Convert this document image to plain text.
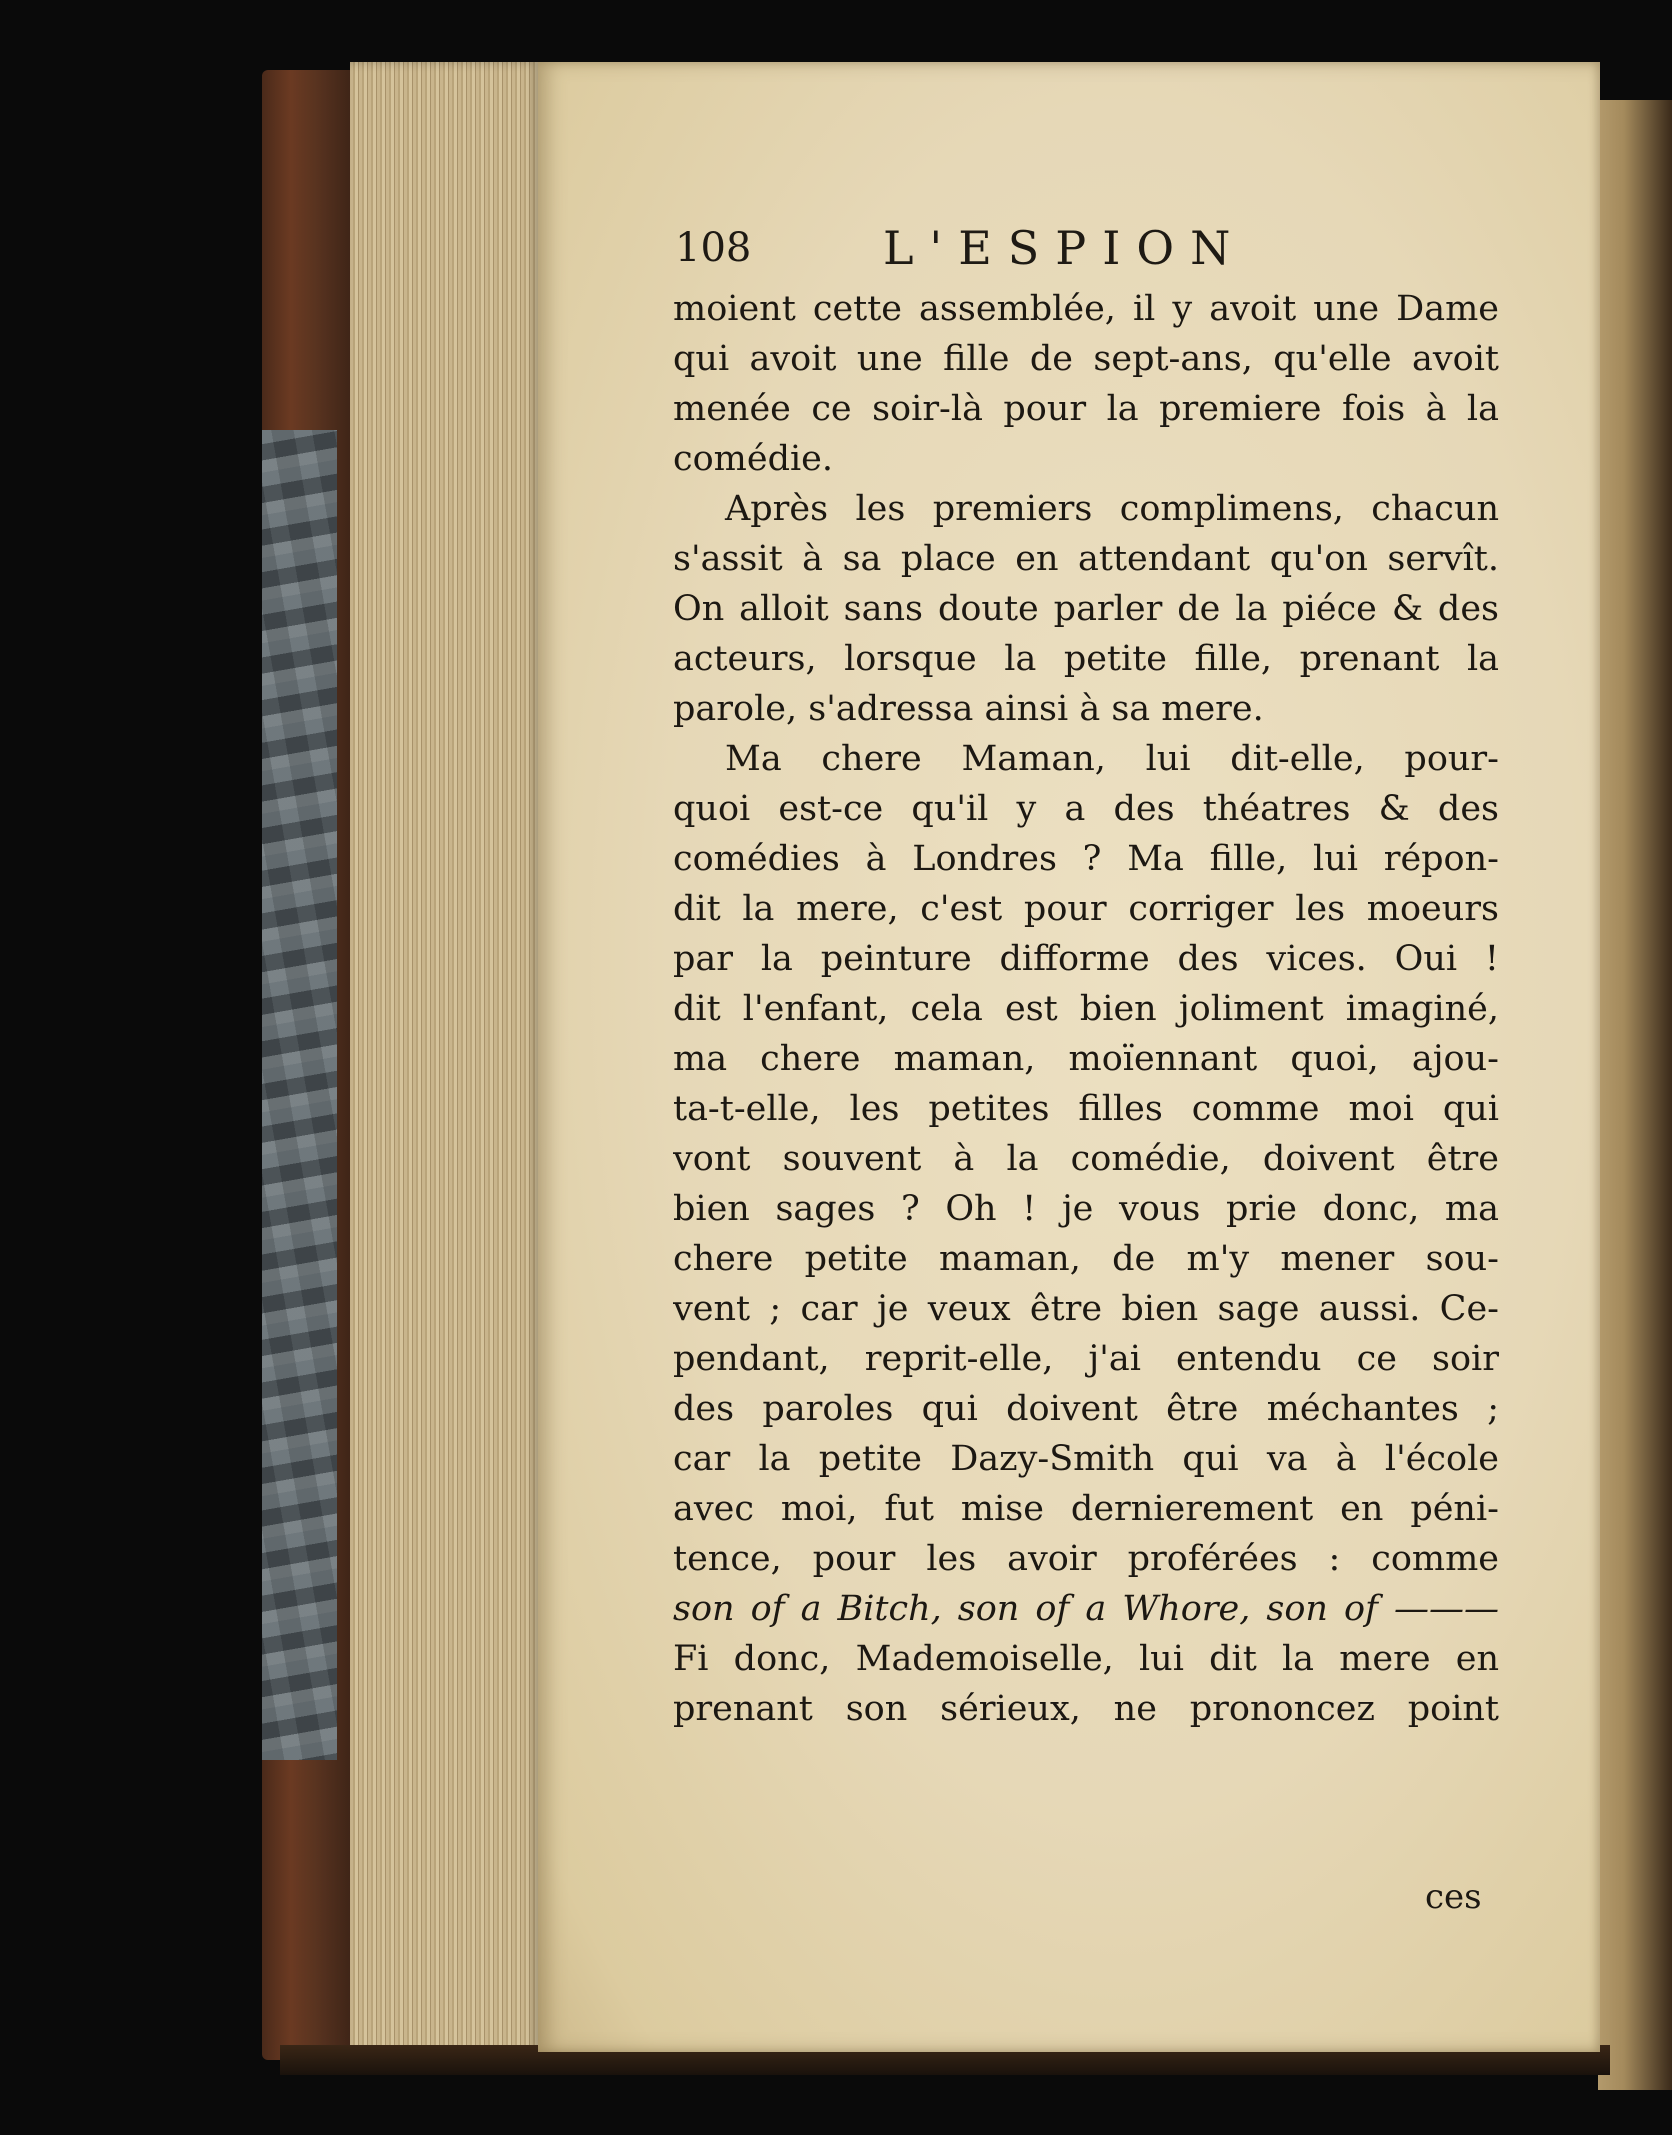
108	L'ESPION
moient cette assemblée, il y avoit une Dame
qui avoit une fille de sept-ans, qu'elle avoit
menée ce soir-là pour la premiere fois à la
comédie.
Après les premiers complimens, chacun
s'assit à sa place en attendant qu'on servît.
On alloit sans doute parler de la piéce & des
acteurs, lorsque la petite fille, prenant la
parole, s'adressa ainsi à sa mere.
Ma chere Maman, lui dit-elle, pour-
quoi est-ce qu'il y a des théatres & des
comédies à Londres ? Ma fille, lui répon-
dit la mere, c'est pour corriger les moeurs
par la peinture difforme des vices. Oui !
dit l'enfant, cela est bien joliment imaginé,
ma chere maman, moïennant quoi, ajou-
ta-t-elle, les petites filles comme moi qui
vont souvent à la comédie, doivent être
bien sages ? Oh ! je vous prie donc, ma
chere petite maman, de m'y mener sou-
vent ; car je veux être bien sage aussi. Ce-
pendant, reprit-elle, j'ai entendu ce soir
des paroles qui doivent être méchantes ;
car la petite Dazy-Smith qui va à l'école
avec moi, fut mise dernierement en péni-
tence, pour les avoir proférées : comme
son of a Bitch, son of a Whore, son of ———
Fi donc, Mademoiselle, lui dit la mere en
prenant son sérieux, ne prononcez point
ces
